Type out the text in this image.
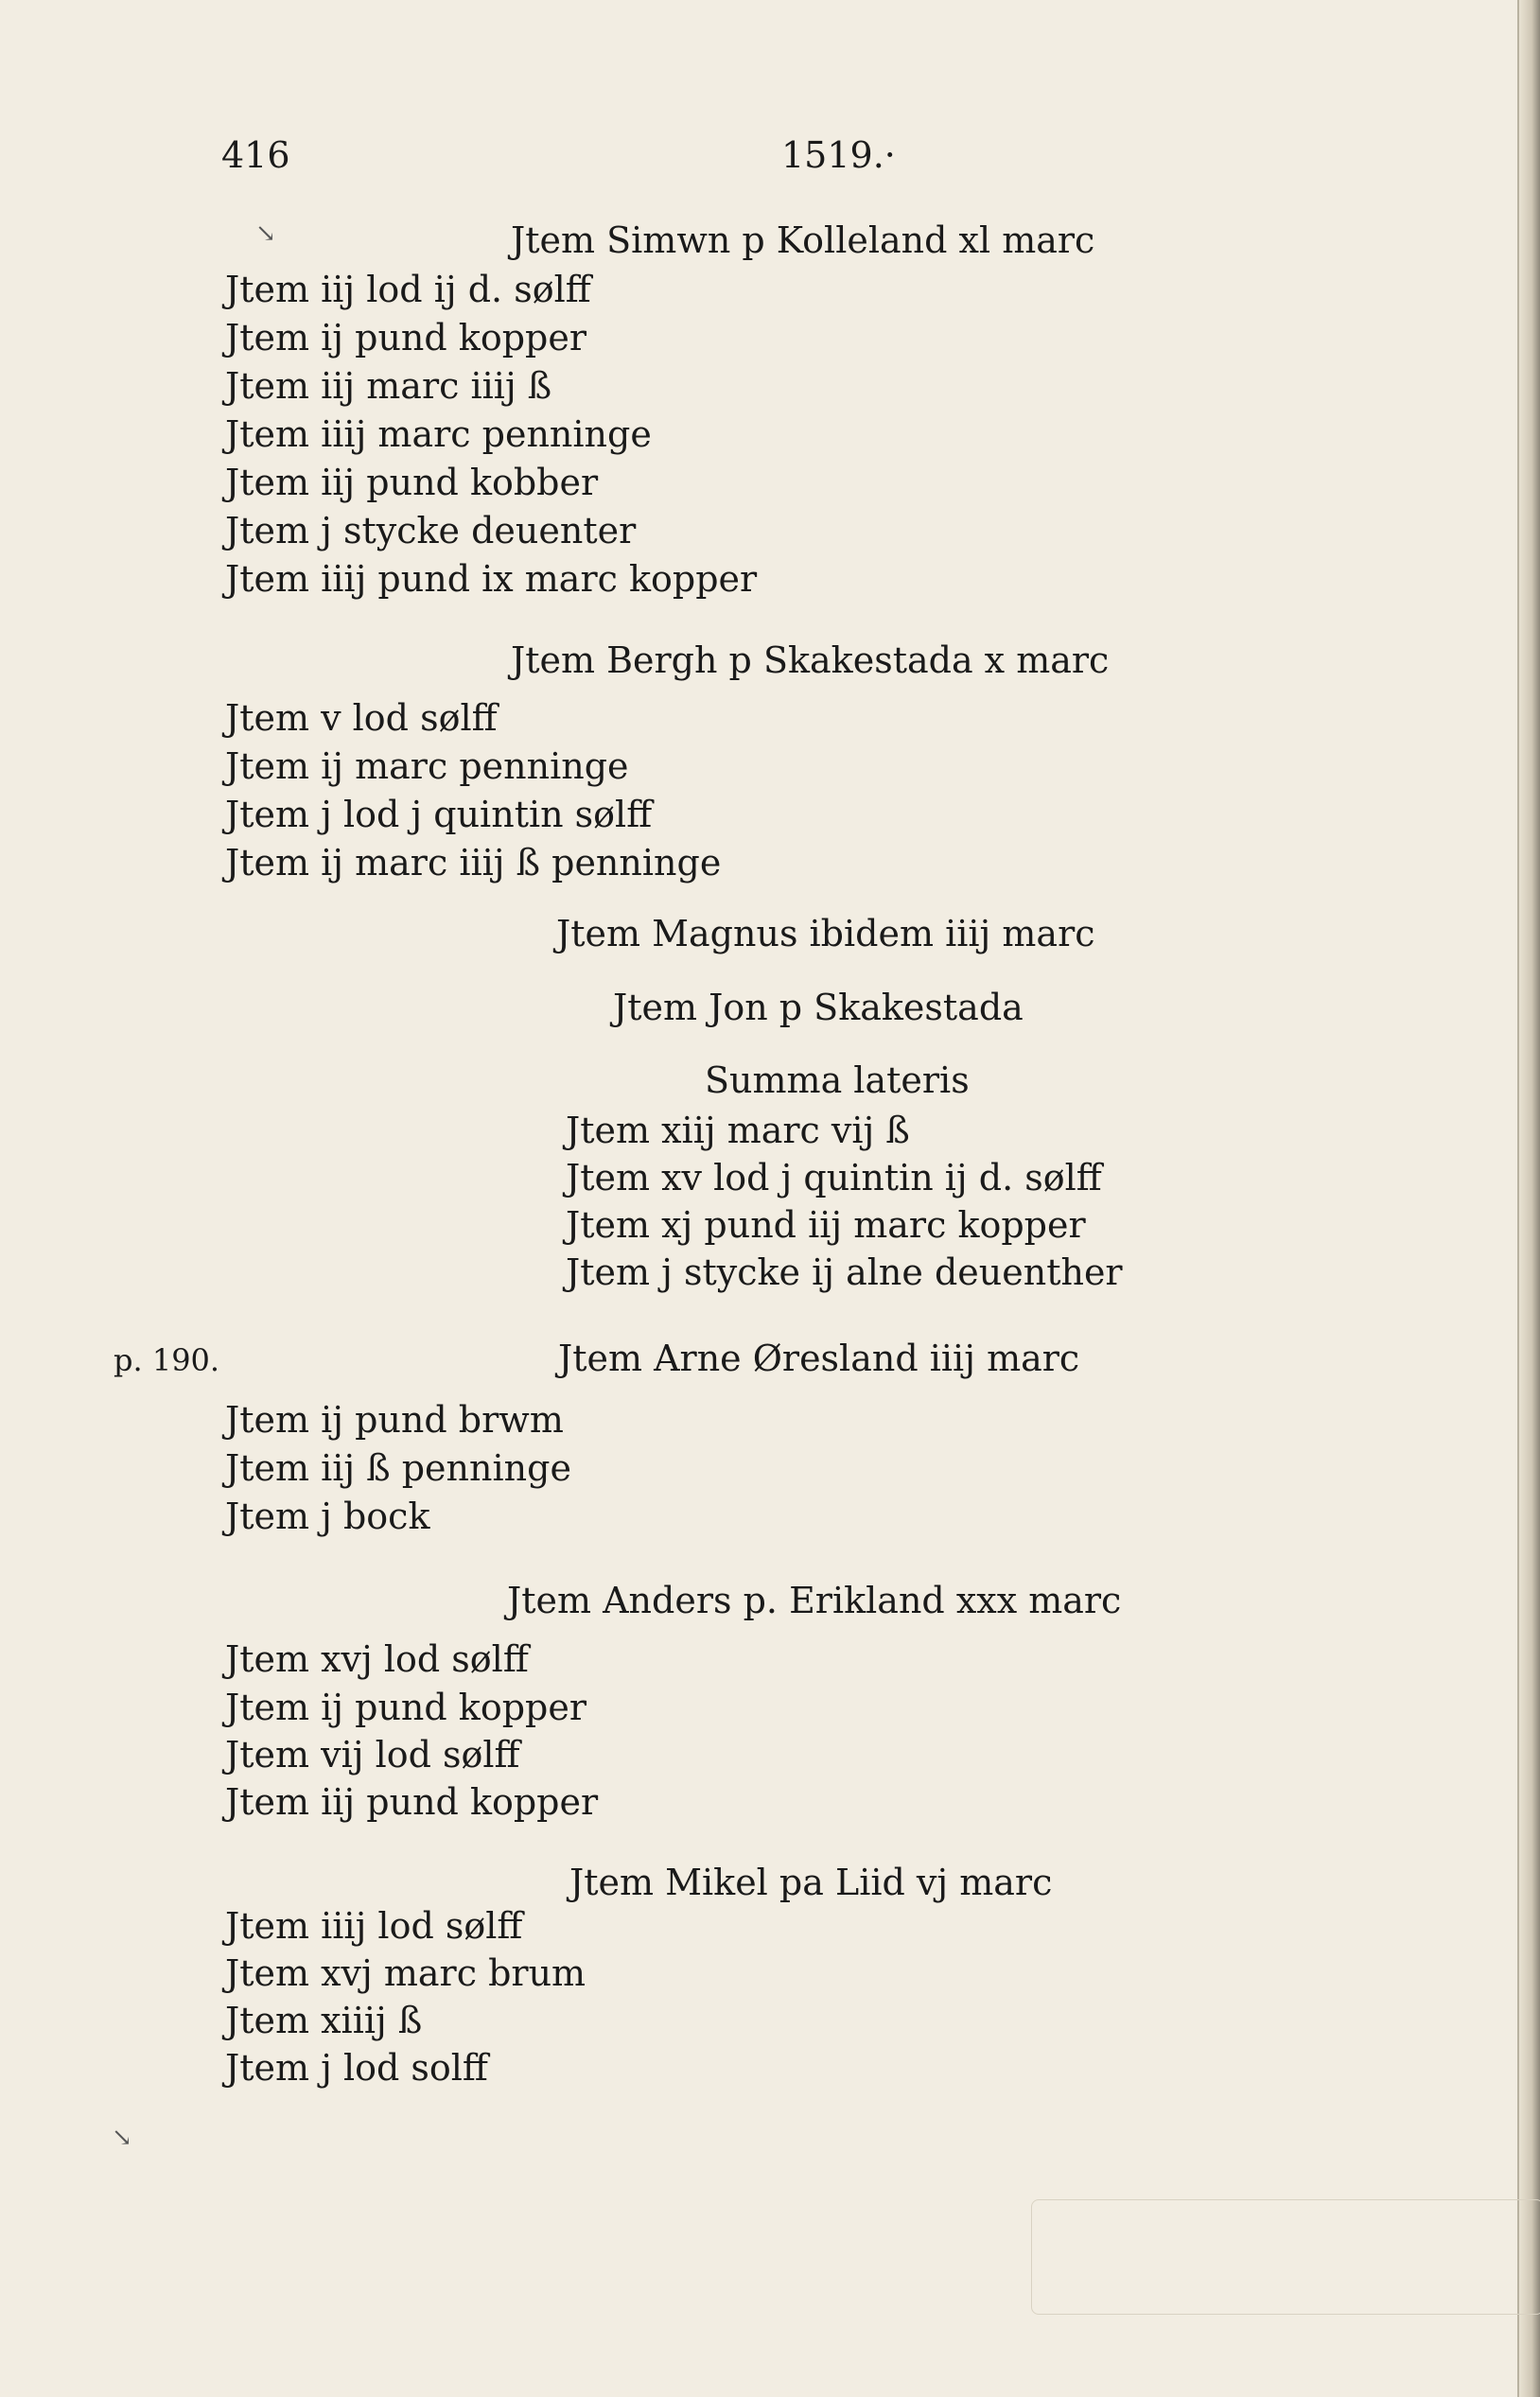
416	1519.·
↘	Jtem Simwn p Kolleland xl marc
Jtem iij lod ij d. sølff
Jtem ij pund kopper
Jtem iij marc iiij ß
Jtem iiij marc penninge
Jtem iij pund kobber
Jtem j stycke deuenter
Jtem iiij pund ix marc kopper
Jtem Bergh p Skakestada x marc
Jtem v lod sølff
Jtem ij marc penninge
Jtem j lod j quintin sølff
Jtem ij marc iiij ß penninge
Jtem Magnus ibidem iiij marc
Jtem Jon p Skakestada
Summa lateris
Jtem xiij marc vij ß
Jtem xv lod j quintin ij d. sølff
Jtem xj pund iij marc kopper
Jtem j stycke ij alne deuenther
p. 190.	Jtem Arne Øresland iiij marc
Jtem ij pund brwm
Jtem iij ß penninge
Jtem j bock
Jtem Anders p. Erikland xxx marc
Jtem xvj lod sølff
Jtem ij pund kopper
Jtem vij lod sølff
Jtem iij pund kopper
Jtem Mikel pa Liid vj marc
Jtem iiij lod sølff
Jtem xvj marc brum
Jtem xiiij ß
Jtem j lod solff
↘
